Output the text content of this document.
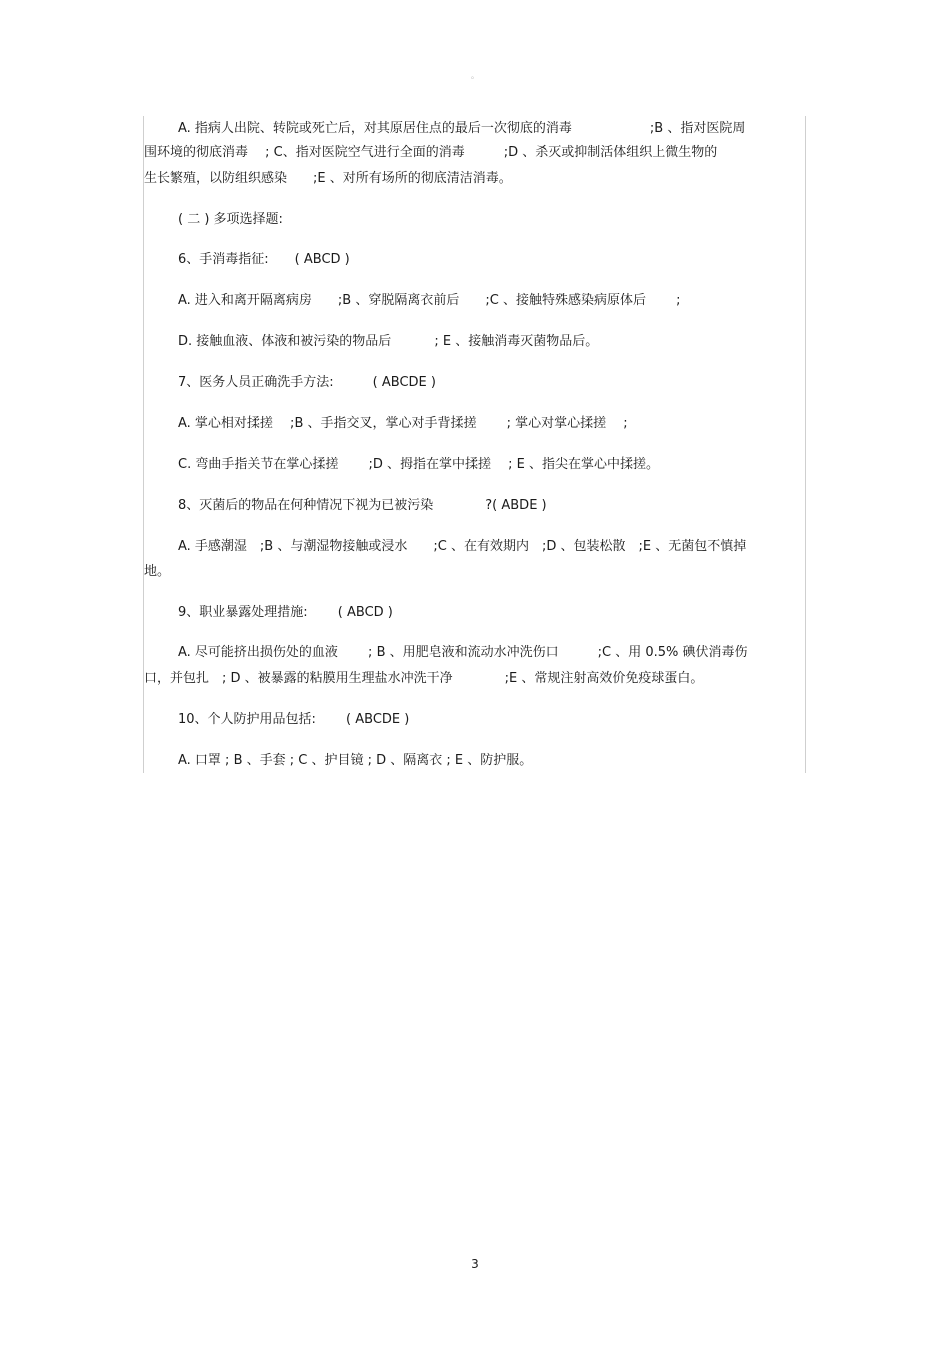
。
A. 指病人出院、转院或死亡后，对其原居住点的最后一次彻底的消毒　　　　　　;B 、指对医院周
围环境的彻底消毒　 ; C、指对医院空气进行全面的消毒　　　;D 、杀灭或抑制活体组织上微生物的
生长繁殖，以防组织感染　　;E 、对所有场所的彻底清洁消毒。
( 二 ) 多项选择题:
6、手消毒指征:　　( ABCD )
A. 进入和离开隔离病房　　;B 、穿脱隔离衣前后　　;C 、接触特殊感染病原体后　　 ;
D. 接触血液、体液和被污染的物品后　　　 ; E 、接触消毒灭菌物品后。
7、医务人员正确洗手方法:　　　( ABCDE )
A. 掌心相对揉搓　 ;B 、手指交叉，掌心对手背揉搓　　 ; 掌心对掌心揉搓　 ;
C. 弯曲手指关节在掌心揉搓　　 ;D 、拇指在掌中揉搓　 ; E 、指尖在掌心中揉搓。
8、灭菌后的物品在何种情况下视为已被污染　　　　?( ABDE )
A. 手感潮湿　;B 、与潮湿物接触或浸水　　;C 、在有效期内　;D 、包装松散　;E 、无菌包不慎掉
地。
9、职业暴露处理措施:　　 ( ABCD )
A. 尽可能挤出损伤处的血液　　 ; B 、用肥皂液和流动水冲洗伤口　　　;C 、用 0.5% 碘伏消毒伤
口，并包扎　; D 、被暴露的粘膜用生理盐水冲洗干净　　　　;E 、常规注射高效价免疫球蛋白。
10、个人防护用品包括:　　 ( ABCDE )
A. 口罩 ; B 、手套 ; C 、护目镜 ; D 、隔离衣 ; E 、防护服。
3
